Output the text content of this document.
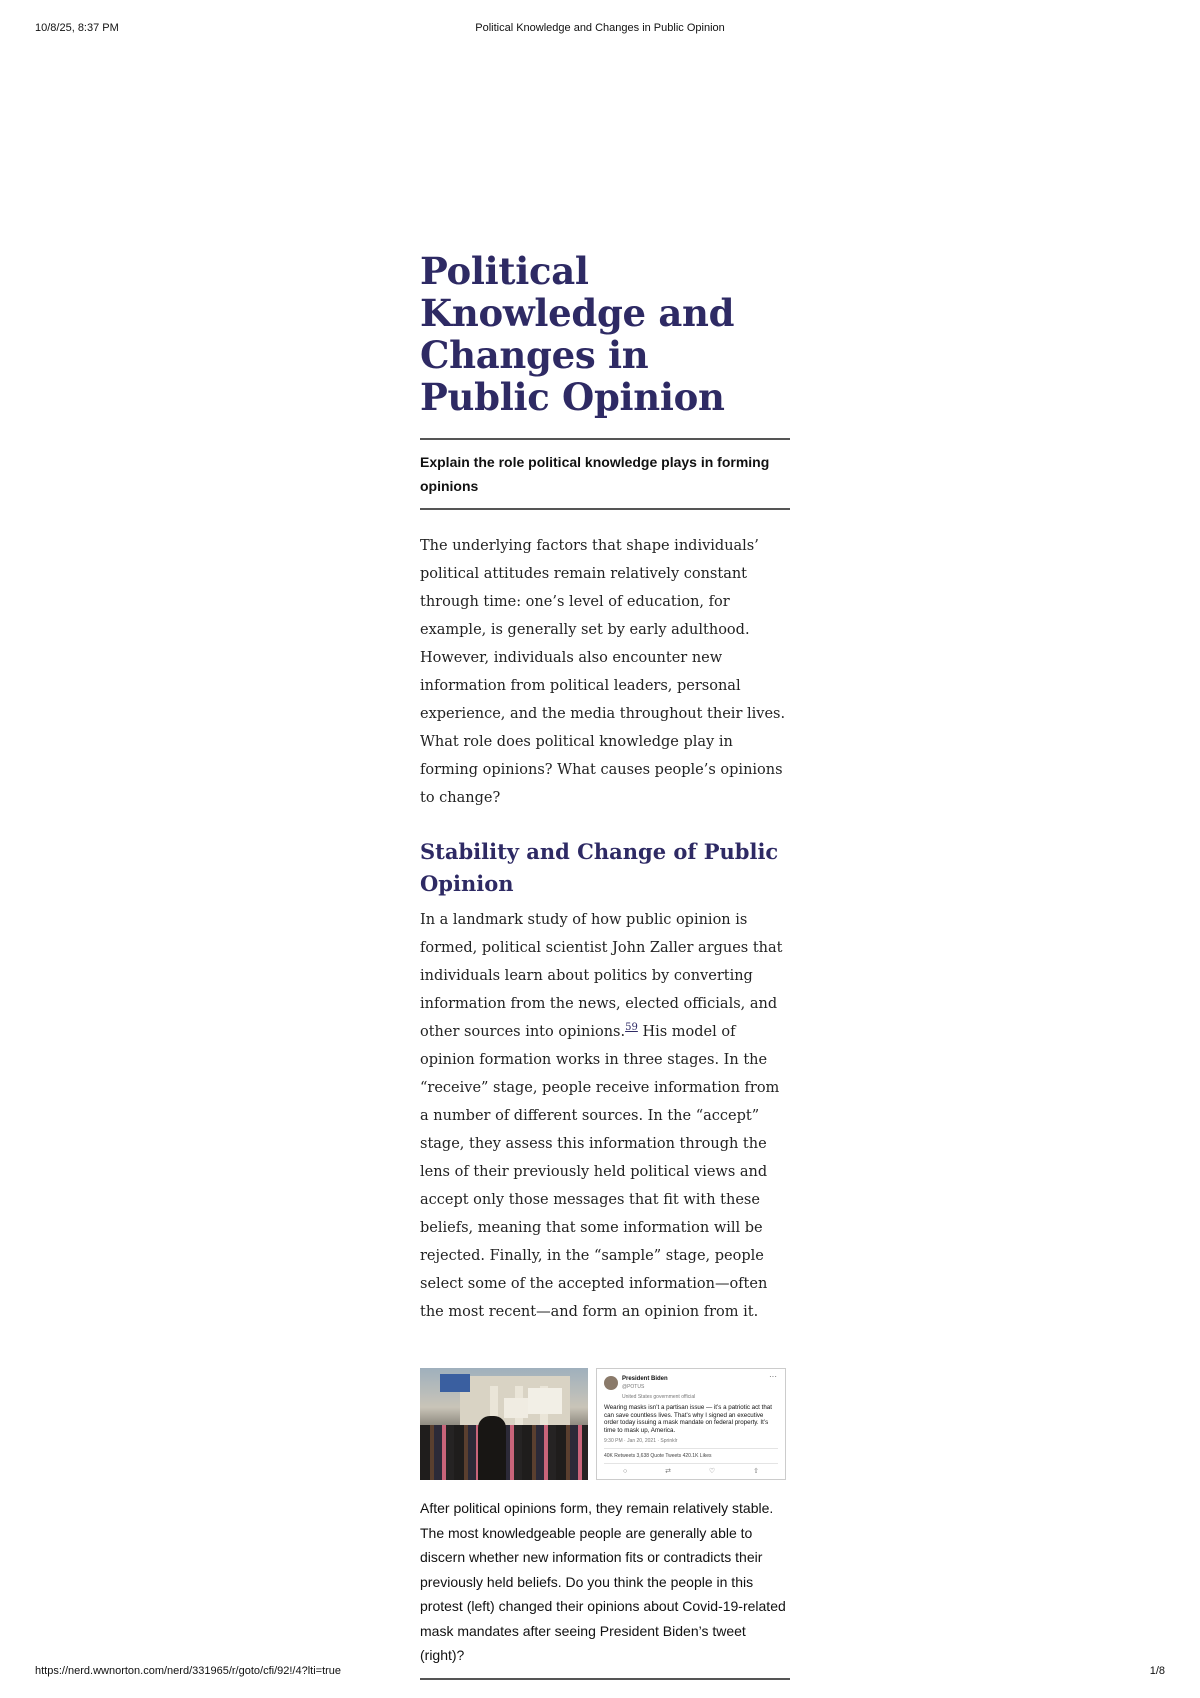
10/8/25, 8:37 PM	Political Knowledge and Changes in Public Opinion
Political Knowledge and Changes in Public Opinion
Explain the role political knowledge plays in forming opinions

The underlying factors that shape individuals’ political attitudes remain relatively constant through time: one’s level of education, for example, is generally set by early adulthood. However, individuals also encounter new information from political leaders, personal experience, and the media throughout their lives. What role does political knowledge play in forming opinions? What causes people’s opinions to change?

Stability and Change of Public Opinion

In a landmark study of how public opinion is formed, political scientist John Zaller argues that individuals learn about politics by converting information from the news, elected officials, and other sources into opinions.$^{59}$ His model of opinion formation works in three stages. In the “receive” stage, people receive information from a number of different sources. In the “accept” stage, they assess this information through the lens of their previously held political views and accept only those messages that fit with these beliefs, meaning that some information will be rejected. Finally, in the “sample” stage, people select some of the accepted information—often the most recent—and form an opinion from it.

···
President Biden
@POTUS
United States government official
Wearing masks isn’t a partisan issue — it’s a patriotic act that can save countless lives. That’s why I signed an executive order today issuing a mask mandate on federal property. It’s time to mask up, America.
9:30 PM · Jan 20, 2021 · Sprinklr
40K Retweets 3,638 Quote Tweets 420.1K Likes
○	⇄	♡	⇧
After political opinions form, they remain relatively stable. The most knowledgeable people are generally able to discern whether new information fits or contradicts their previously held beliefs. Do you think the people in this protest (left) changed their opinions about Covid-19-related mask mandates after seeing President Biden’s tweet (right)?
https://nerd.wwnorton.com/nerd/331965/r/goto/cfi/92!/4?lti=true	1/8
